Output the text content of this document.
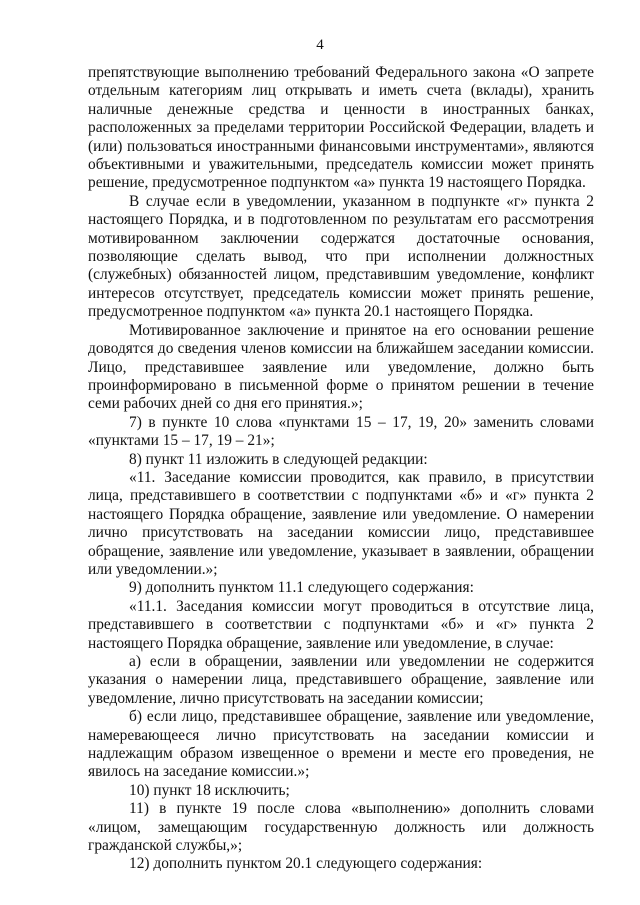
4

препятствующие выполнению требований Федерального закона «О запрете отдельным категориям лиц открывать и иметь счета (вклады), хранить наличные денежные средства и ценности в иностранных банках, расположенных за пределами территории Российской Федерации, владеть и (или) пользоваться иностранными финансовыми инструментами», являются объективными и уважительными, председатель комиссии может принять решение, предусмотренное подпунктом «а» пункта 19 настоящего Порядка.

В случае если в уведомлении, указанном в подпункте «г» пункта 2 настоящего Порядка, и в подготовленном по результатам его рассмотрения мотивированном заключении содержатся достаточные основания, позволяющие сделать вывод, что при исполнении должностных (служебных) обязанностей лицом, представившим уведомление, конфликт интересов отсутствует, председатель комиссии может принять решение, предусмотренное подпунктом «а» пункта 20.1 настоящего Порядка.

Мотивированное заключение и принятое на его основании решение доводятся до сведения членов комиссии на ближайшем заседании комиссии. Лицо, представившее заявление или уведомление, должно быть проинформировано в письменной форме о принятом решении в течение семи рабочих дней со дня его принятия.»;

7) в пункте 10 слова «пунктами 15 – 17, 19, 20» заменить словами «пунктами 15 – 17, 19 – 21»;

8) пункт 11 изложить в следующей редакции:

«11. Заседание комиссии проводится, как правило, в присутствии лица, представившего в соответствии с подпунктами «б» и «г» пункта 2 настоящего Порядка обращение, заявление или уведомление. О намерении лично присутствовать на заседании комиссии лицо, представившее обращение, заявление или уведомление, указывает в заявлении, обращении или уведомлении.»;

9) дополнить пунктом 11.1 следующего содержания:

«11.1. Заседания комиссии могут проводиться в отсутствие лица, представившего в соответствии с подпунктами «б» и «г» пункта 2 настоящего Порядка обращение, заявление или уведомление, в случае:

а) если в обращении, заявлении или уведомлении не содержится указания о намерении лица, представившего обращение, заявление или уведомление, лично присутствовать на заседании комиссии;

б) если лицо, представившее обращение, заявление или уведомление, намеревающееся лично присутствовать на заседании комиссии и надлежащим образом извещенное о времени и месте его проведения, не явилось на заседание комиссии.»;

10) пункт 18 исключить;

11) в пункте 19 после слова «выполнению» дополнить словами «лицом, замещающим государственную должность или должность гражданской службы,»;

12) дополнить пунктом 20.1 следующего содержания:
